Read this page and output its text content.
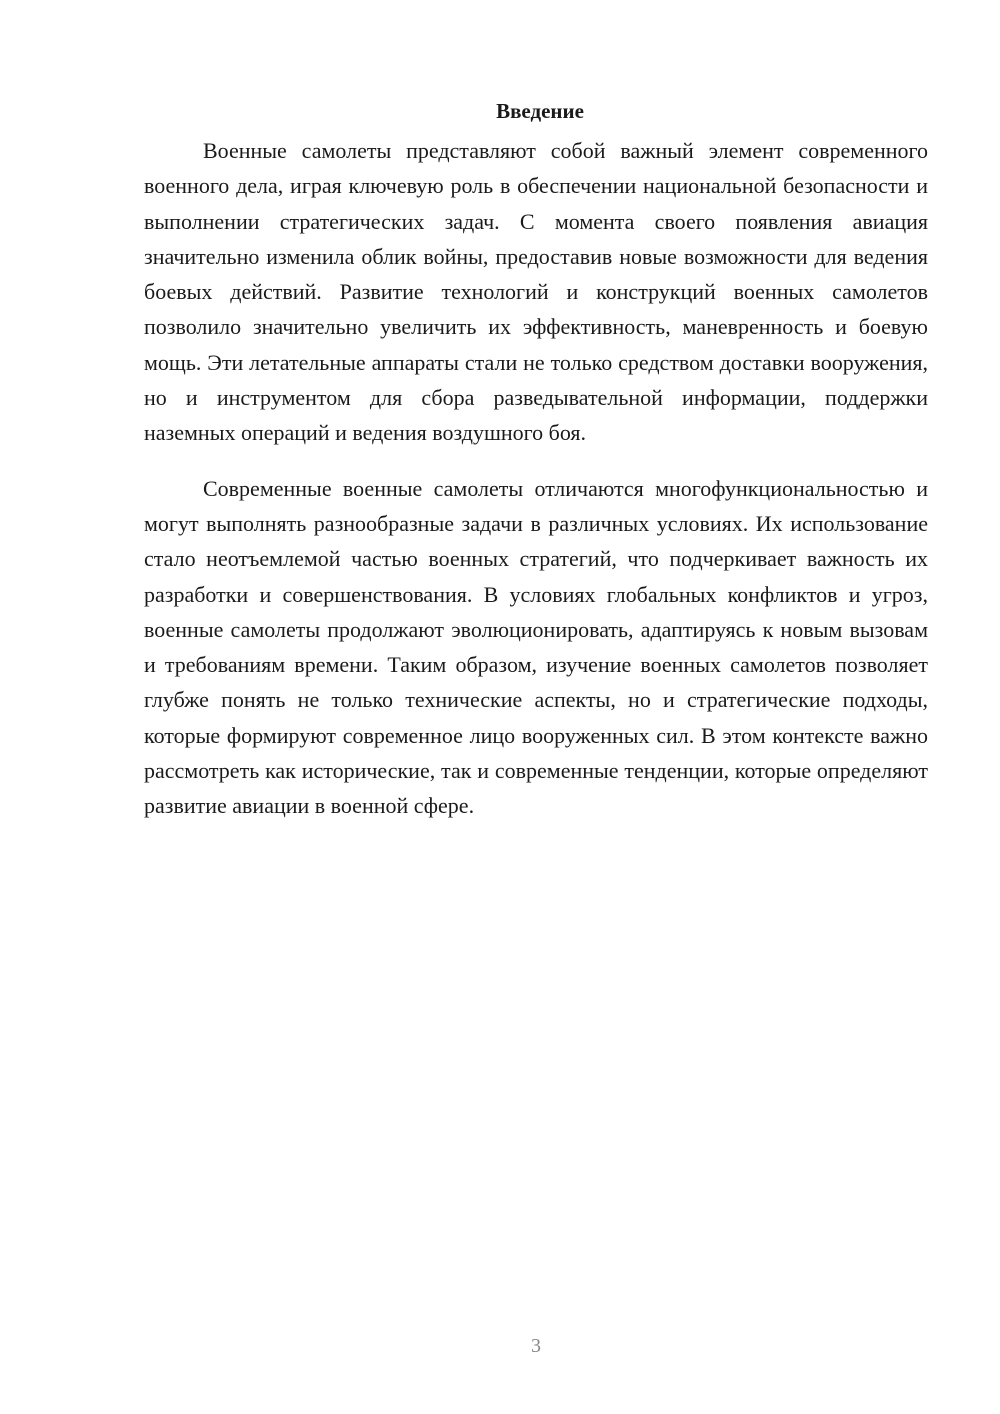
Введение

Военные самолеты представляют собой важный элемент современного военного дела, играя ключевую роль в обеспечении национальной безопасности и выполнении стратегических задач. С момента своего появления авиация значительно изменила облик войны, предоставив новые возможности для ведения боевых действий. Развитие технологий и конструкций военных самолетов позволило значительно увеличить их эффективность, маневренность и боевую мощь. Эти летательные аппараты стали не только средством доставки вооружения, но и инструментом для сбора разведывательной информации, поддержки наземных операций и ведения воздушного боя.

Современные военные самолеты отличаются многофункциональностью и могут выполнять разнообразные задачи в различных условиях. Их использование стало неотъемлемой частью военных стратегий, что подчеркивает важность их разработки и совершенствования. В условиях глобальных конфликтов и угроз, военные самолеты продолжают эволюционировать, адаптируясь к новым вызовам и требованиям времени. Таким образом, изучение военных самолетов позволяет глубже понять не только технические аспекты, но и стратегические подходы, которые формируют современное лицо вооруженных сил. В этом контексте важно рассмотреть как исторические, так и современные тенденции, которые определяют развитие авиации в военной сфере.

3
